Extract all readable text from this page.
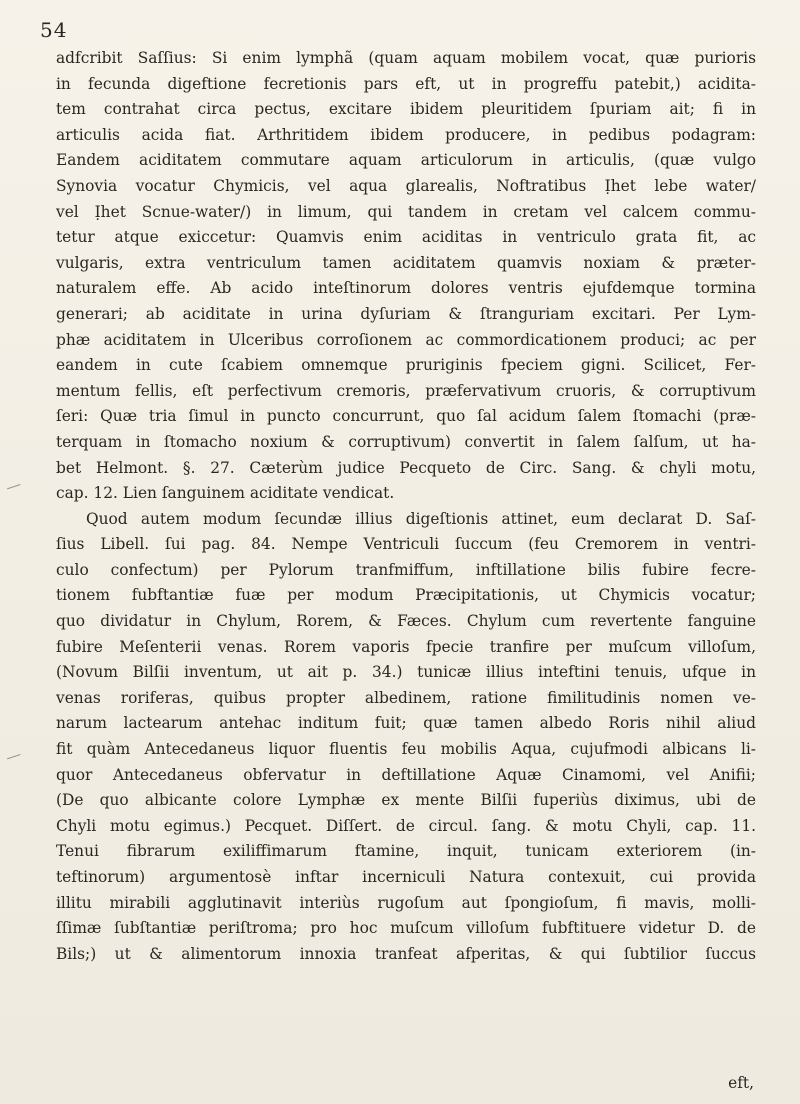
54
adfcribit Saſſius: Si enim lymphã (quam aquam mobilem vocat, quæ purioris
in fecunda digeftione fecretionis pars eft, ut in progreffu patebit,) acidita-
tem contrahat circa pectus, excitare ibidem pleuritidem ſpuriam ait; fi in
articulis acida fiat. Arthritidem ibidem producere, in pedibus podagram:
Eandem aciditatem commutare aquam articulorum in articulis, (quæ vulgo
Synovia vocatur Chymicis, vel aqua glarealis, Noftratibus Ịhet lebe water/
vel Ịhet Scnue-water/) in limum, qui tandem in cretam vel calcem commu-
tetur atque exiccetur: Quamvis enim aciditas in ventriculo grata fit, ac
vulgaris, extra ventriculum tamen aciditatem quamvis noxiam & præter-
naturalem effe. Ab acido inteſtinorum dolores ventris ejufdemque tormina
generari; ab aciditate in urina dyſuriam & ſtranguriam excitari. Per Lym-
phæ aciditatem in Ulceribus corroſionem ac commordicationem produci; ac per
eandem in cute ſcabiem omnemque pruriginis fpeciem gigni. Scilicet, Fer-
mentum fellis, eſt perfectivum cremoris, præfervativum cruoris, & corruptivum
ſeri: Quæ tria ſimul in puncto concurrunt, quo ſal acidum ſalem ſtomachi (præ-
terquam in ſtomacho noxium & corruptivum) convertit in ſalem ſalſum, ut ha-
bet Helmont. §. 27. Cæterùm judice Pecqueto de Circ. Sang. & chyli motu,
cap. 12. Lien ſanguinem aciditate vendicat.
Quod autem modum ſecundæ illius digeſtionis attinet, eum declarat D. Saſ-
ſius Libell. ſui pag. 84. Nempe Ventriculi ſuccum (feu Cremorem in ventri-
culo confectum) per Pylorum tranfmiffum, inftillatione bilis fubire fecre-
tionem fubftantiæ fuæ per modum Præcipitationis, ut Chymicis vocatur;
quo dividatur in Chylum, Rorem, & Fæces. Chylum cum revertente fanguine
fubire Meſenterii venas. Rorem vaporis fpecie tranfire per muſcum villoſum,
(Novum Bilſii inventum, ut ait p. 34.) tunicæ illius inteftini tenuis, ufque in
venas roriferas, quibus propter albedinem, ratione fimilitudinis nomen ve-
narum lactearum antehac inditum fuit; quæ tamen albedo Roris nihil aliud
fit quàm Antecedaneus liquor fluentis feu mobilis Aqua, cujufmodi albicans li-
quor Antecedaneus obfervatur in deftillatione Aquæ Cinamomi, vel Anifii;
(De quo albicante colore Lymphæ ex mente Bilſii fuperiùs diximus, ubi de
Chyli motu egimus.) Pecquet. Diſſert. de circul. ſang. & motu Chyli, cap. 11.
Tenui fibrarum exiliffimarum ftamine, inquit, tunicam exteriorem (in-
teftinorum) argumentosè inftar incerniculi Natura contexuit, cui provida
illitu mirabili agglutinavit interiùs rugoſum aut ſpongioſum, fi mavis, molli-
ſſimæ ſubſtantiæ periſtroma; pro hoc muſcum villoſum fubftituere videtur D. de
Bils;) ut & alimentorum innoxia tranfeat afperitas, & qui ſubtilior ſuccus
eft,
